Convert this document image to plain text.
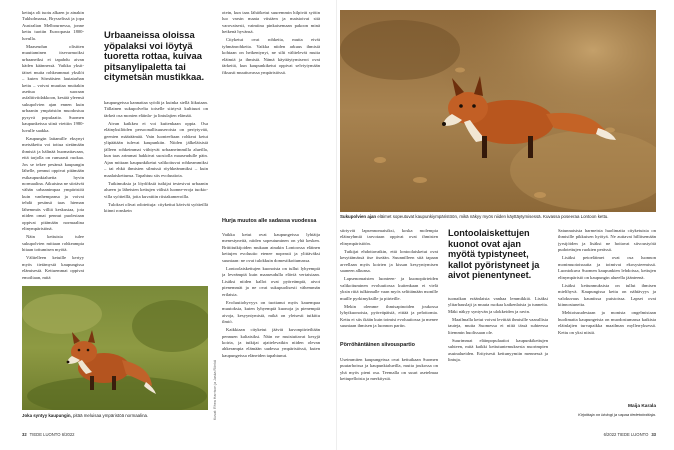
kettuja oli tuotu alkaen jo ainakin Tukholmassa, Brysselissä ja jopa Australian Melbournessa, jonne kettu tuotiin Euroopasta 1800-luvulla.

Maaseudun olisitten muuttaminen itsevarmoiksi urbaaneiksi ei tapahdu aivan käden käännessä. Vaikka yksittäiset muita rohkeammat yksilöt – kuten Sörnäisten lautatarhan kettu – voivat muuttaa muitakin asettua suoraan asfalttiviidakkoon, kestää yleensä sukupolvien ajan ennen kuin urbaanin ympäristön muodostuu pysyvä populaatio. Suomen kaupunkeissa siinä viettiin 1980-luvulle saakka.

Kaupungin laitamille eksynyt metsäkettu voi tottua sietämään ihmisiä ja hälinää huomattavaan, että tarjolla on runsaasti ruokaa. Jos se tekee pesänsä kaupungin lähelle, pennut oppivat pitämään esikaupunkialuetta hyvin normaalina. Aikuisina ne siirtävät vähän urbaanimpaa ympäristöä kuin vanhempansa ja voivat tehdä pesänsä taas hieman lähemmäs villiä keskustaa, jota niiden omat pennut puolestaan oppivat pitämään normaalina elinympäristönä.

Näin kettuista tulee sukupolvien mittaan rohkeampia hitaan tottumisen myötä.

Välitelleen ketuille kertyy myös tietämystä kaupungissa elämisestä. Kettuemmat oppivat emoiltaan, mitä

Urbaaneissa oloissa yöpalaksi voi löytyä tuoretta rottaa, kuivaa pitsanylipaletta tai citymetsän mustikkaa.

kaupungeissa kannattaa syödä ja kuinka siellä liikutaan. Tällainen sukupolvelta toiselle siirtyvä kulttuuri on tärkeä osa monien eläinla- ja lintulajien elämää.

Aivan kaikkea ei voi kuitenkaan oppia. Osa eläinyksilöiden persoonallisuuseroista on periytyvää, geenien määräämää. Vain luonteeltaan rohkeat ketut ylipäätään tulevat kaupunkiin. Niiden jälkeläisistä jälleen rohkeimmat viihtyvät urbaaneimmilla alueilla, kun taas arimmat hakkivat suosiolla maaseudulle päin. Ajan mittaan kaupunkiketut valikoituvat rohkeammiksi – tai ehkä ihmisten silmissä röyhkeämmiksi – kuin maalaiskettunsa. Tapahtuu siis evoluutiota.

Tutkimuksia ja löydöksiä tutkijat testesivat urbaanin alueen ja läheisten kettujen välisiä luonne-eroja tuokiovilla syötteillä, joita kuvattiin riistakameroilla.

Tulokset olivat odotettuja: citykettut kävivät syötteillä kiinni ronskein

otein, kun taas lähiöketut suuremmin hilpivät syötin luo varsin maata viistäen ja maistoivat sitä varovaisesti, vaimiina pinkaisemaan pakoon minä hetkenä hyvänsä.

Cityketut ovat rohkeita, mutta eivät tyhmänrohkeita. Vaikka niiden arkuus ihmisiä kohtaan on heikentynyt, ne silti välttelevät muita eläimiä ja ihmisiä. Nämä käyttäytymiserot ovat tärkeitä, kun kaupunkiketut oppivat selviytymään fiksusti muuttuvassa ympäristössä.

Hurja muutos alle sadassa vuodessa

Vaikka ketut ovat kaupungeissa lyhtäija menestyneitä, niiden sopeutuminen on yhä kesken. Brittitutkijoiden mukaan ainakin Lontoossa eläinen kettujen evoluutio etenee nopeasti ja ylittäväksi suuntaan: ne ovat tulokkuin domestikoitumassa.

Lontoolaiskettujen kuonoista on tullut lyhyempiä ja leveämpiä kuin maaseudulla eläviä vertaisiaan. Lisäksi niiden kallot ovat pyöreämpiä, aivot pienemmät ja ne ovat sukupuolisesti vähemmän erilaisia.

Evoluutiohyvyys on tuottanut myös kauempaa muutoksia, kuten lyhyempiä kuonoja ja pienempiä aivoja, kesyyntymistä, mikä on yleisesti tutkittu ilmiö.

Kaikkiaan cityketut jäävät kuvonpiirteiltään pennuen kaltaisiksi. Näin ne muistuttavat kesyjä koiria, ja tutkijat ajattelevatkin niiden olevan ahkerampia elämään uudessa ympäristössä, kuten kaupungeissa eläneiden tapahtunut.

Joka syntyy kaupungin, pitää meluisaa ympäristöä normaalina.	Kuvat: Rhea Harrison ja Jaska Rönkä
32 TIEDE LUONTO 6/2022
Sukupolvien ajan eläimet sopeutuvat kaupunkiympäristöön, mikä näkyy myös niiden käyttäytymisessä. Kuvassa poseeraa Lontoon kettu.

siirtyvät lapsennomaisiksi, koska molempia eläinryhmiä tarvotaan oppivat ovat ihmisten elinympäristöön.

Tutkijat ehdottavatkin, että lontoolaisketut ovat kesyttämässä itse itseään. Suunnilleen sitä tapaan arvellaan myös koirien ja kissan kesyyntymisen saaneen alkunsa.

Lapsenomaisten luonteen- ja kuonopiirteiden valikoituminen evoluutiossa kuitenkaan ei vielä yksin riitä tulkinnalle vaan myös selittämään monille muille pyrkimyksille ja piirteille.

Mekin olemme ihmisapinoiden joukossa lyhytkuonoisia, pyöreäpäisiä, eittää ja pelottomia. Kettu ei siis ikään kuin toimisi evoluutiossa ja menee suuntaan ihmisen ja luonnon pariin.

Pörröhäntäinen siivouspartio

Useimmiten kaupungeissa ovat kettuikaan Suomen puutarhoissa ja kaupunkialueilla, mutta joukossa on yhä myös pieni osa. Teemalla on suuri asetelmaa kettupelloista ja merkitystä.

Lontoolaiskettujen kuonot ovat ajan myötä typistyneet, kallot pyöristyneet ja aivot pienentyneet.

tuonaikan eräänlaista vanhaa lemmikkiä. Lisäksi ylitarhauslaji ja muuta ruokaa kaikenlaisia ja tunneita. Mäki näkyy syntyvän ja ulokkeiden ja ravin.

Maailmalla ketut voivat levittää ihmisille vaarallisia tauteja, mutta Suomessa ei niitä tässä suhteessa liiemmin huolissaan ole.

Suurimmat eläinpopulaatiot kaupunkikettujen suhteen, mitä kaikki kettutuntemuksesta nuorimpien asuinalueiden. Erityisesti kettunyymiin mennessä ja lintuja.

Satunnaisista harmeista huolimatta cityketuista on ihmisille pikkuisen hyötyä. Ne auttavat hillitsemään jyrsijöiden ja lisäksi ne hoitavat siivoustyötä pudotettujen ruokien perässä.

Lisäksi petoeläimet ovat osa luonnon monimuotoisuutta ja toimivat ekosysteemissä. Luontokuva Suomen kaupunkien lehdoissa, kettujen elinympäristö on kaupungin alueella jäänteenä.

Lisäksi kettunmuksista on tullut ihmisen mielihyvä. Kaupungissa kettu on nähtävyys ja valokuvaus kauniissa puistoissa. Lapset ovat kiinnostuneita.

Mehtoisuudestaan ja monista ongelmistaan huolimatta kaupungeista on muodostumassa kaikista eläinlajien turvapaikka maailman myllerryksessä. Kettu on yksi niistä.

Maija Karala
Kirjoittaja on biologi ja vapaa tiedetoimittaja.
6/2022 TIEDE LUONTO 33
